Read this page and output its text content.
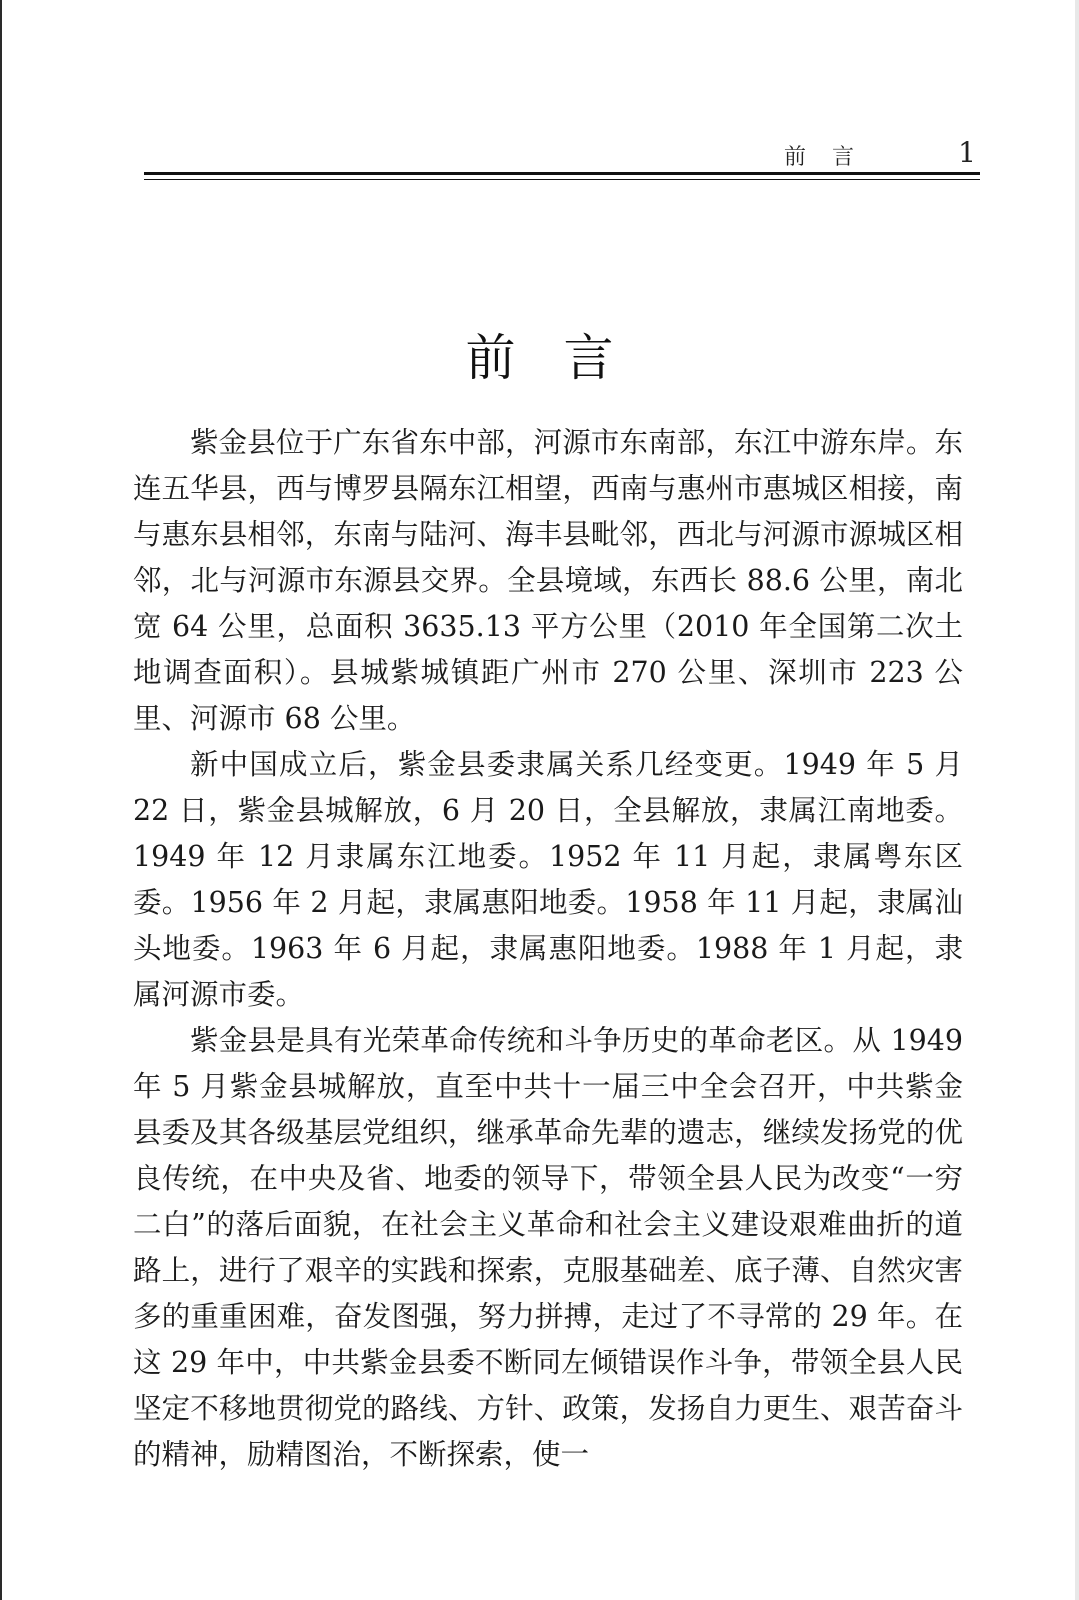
前言	1
前言

紫金县位于广东省东中部，河源市东南部，东江中游东岸。东连五华县，西与博罗县隔东江相望，西南与惠州市惠城区相接，南与惠东县相邻，东南与陆河、海丰县毗邻，西北与河源市源城区相邻，北与河源市东源县交界。全县境域，东西长 88.6 公里，南北宽 64 公里，总面积 3635.13 平方公里（2010 年全国第二次土地调查面积）。县城紫城镇距广州市 270 公里、深圳市 223 公里、河源市 68 公里。

新中国成立后，紫金县委隶属关系几经变更。1949 年 5 月 22 日，紫金县城解放，6 月 20 日，全县解放，隶属江南地委。1949 年 12 月隶属东江地委。1952 年 11 月起，隶属粤东区委。1956 年 2 月起，隶属惠阳地委。1958 年 11 月起，隶属汕头地委。1963 年 6 月起，隶属惠阳地委。1988 年 1 月起，隶属河源市委。

紫金县是具有光荣革命传统和斗争历史的革命老区。从 1949 年 5 月紫金县城解放，直至中共十一届三中全会召开，中共紫金县委及其各级基层党组织，继承革命先辈的遗志，继续发扬党的优良传统，在中央及省、地委的领导下，带领全县人民为改变“一穷二白”的落后面貌，在社会主义革命和社会主义建设艰难曲折的道路上，进行了艰辛的实践和探索，克服基础差、底子薄、自然灾害多的重重困难，奋发图强，努力拼搏，走过了不寻常的 29 年。在这 29 年中，中共紫金县委不断同左倾错误作斗争，带领全县人民坚定不移地贯彻党的路线、方针、政策，发扬自力更生、艰苦奋斗的精神，励精图治，不断探索，使一
